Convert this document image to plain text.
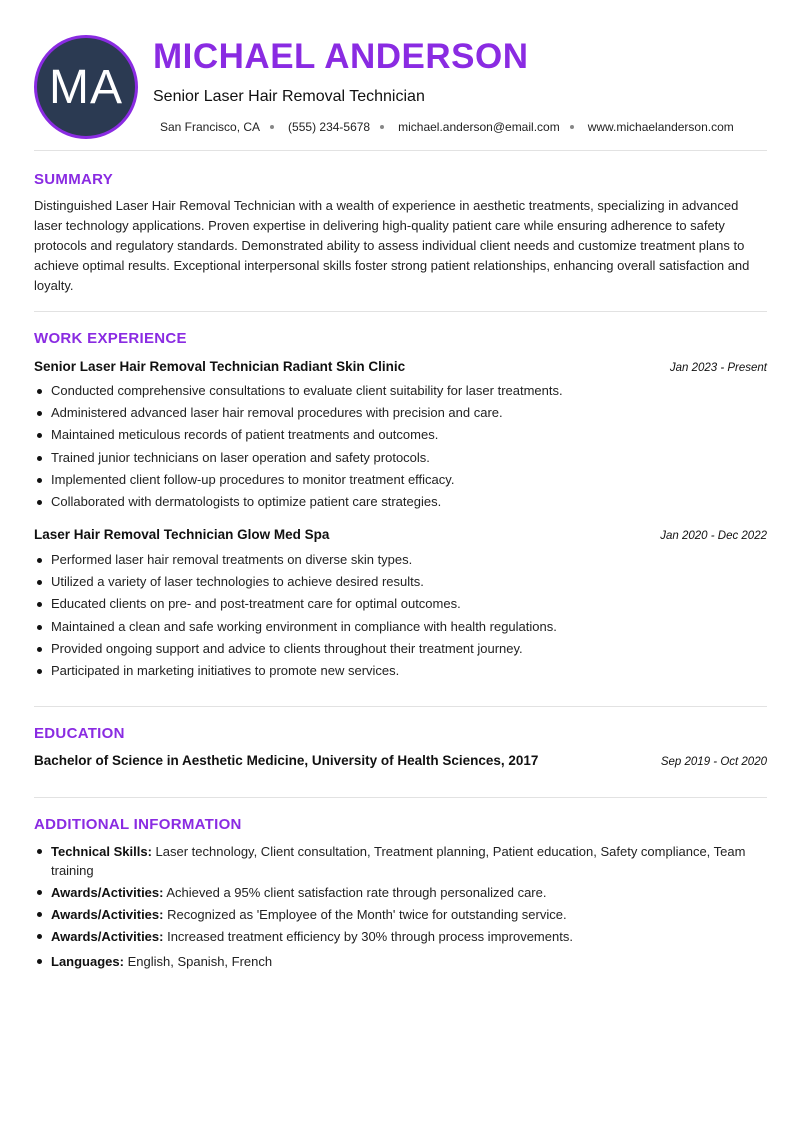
MA
MICHAEL ANDERSON
Senior Laser Hair Removal Technician
San Francisco, CA (555) 234-5678 michael.anderson@email.com www.michaelanderson.com
SUMMARY

Distinguished Laser Hair Removal Technician with a wealth of experience in aesthetic treatments, specializing in advanced laser technology applications. Proven expertise in delivering high-quality patient care while ensuring adherence to safety protocols and regulatory standards. Demonstrated ability to assess individual client needs and customize treatment plans to achieve optimal results. Exceptional interpersonal skills foster strong patient relationships, enhancing overall satisfaction and loyalty.

WORK EXPERIENCE
Senior Laser Hair Removal Technician Radiant Skin Clinic	Jan 2023 - Present
Conducted comprehensive consultations to evaluate client suitability for laser treatments.
Administered advanced laser hair removal procedures with precision and care.
Maintained meticulous records of patient treatments and outcomes.
Trained junior technicians on laser operation and safety protocols.
Implemented client follow-up procedures to monitor treatment efficacy.
Collaborated with dermatologists to optimize patient care strategies.
Laser Hair Removal Technician Glow Med Spa	Jan 2020 - Dec 2022
Performed laser hair removal treatments on diverse skin types.
Utilized a variety of laser technologies to achieve desired results.
Educated clients on pre- and post-treatment care for optimal outcomes.
Maintained a clean and safe working environment in compliance with health regulations.
Provided ongoing support and advice to clients throughout their treatment journey.
Participated in marketing initiatives to promote new services.
EDUCATION
Bachelor of Science in Aesthetic Medicine, University of Health Sciences, 2017	Sep 2019 - Oct 2020
ADDITIONAL INFORMATION
Technical Skills: Laser technology, Client consultation, Treatment planning, Patient education, Safety compliance, Team training
Awards/Activities: Achieved a 95% client satisfaction rate through personalized care.
Awards/Activities: Recognized as 'Employee of the Month' twice for outstanding service.
Awards/Activities: Increased treatment efficiency by 30% through process improvements.
Languages: English, Spanish, French
